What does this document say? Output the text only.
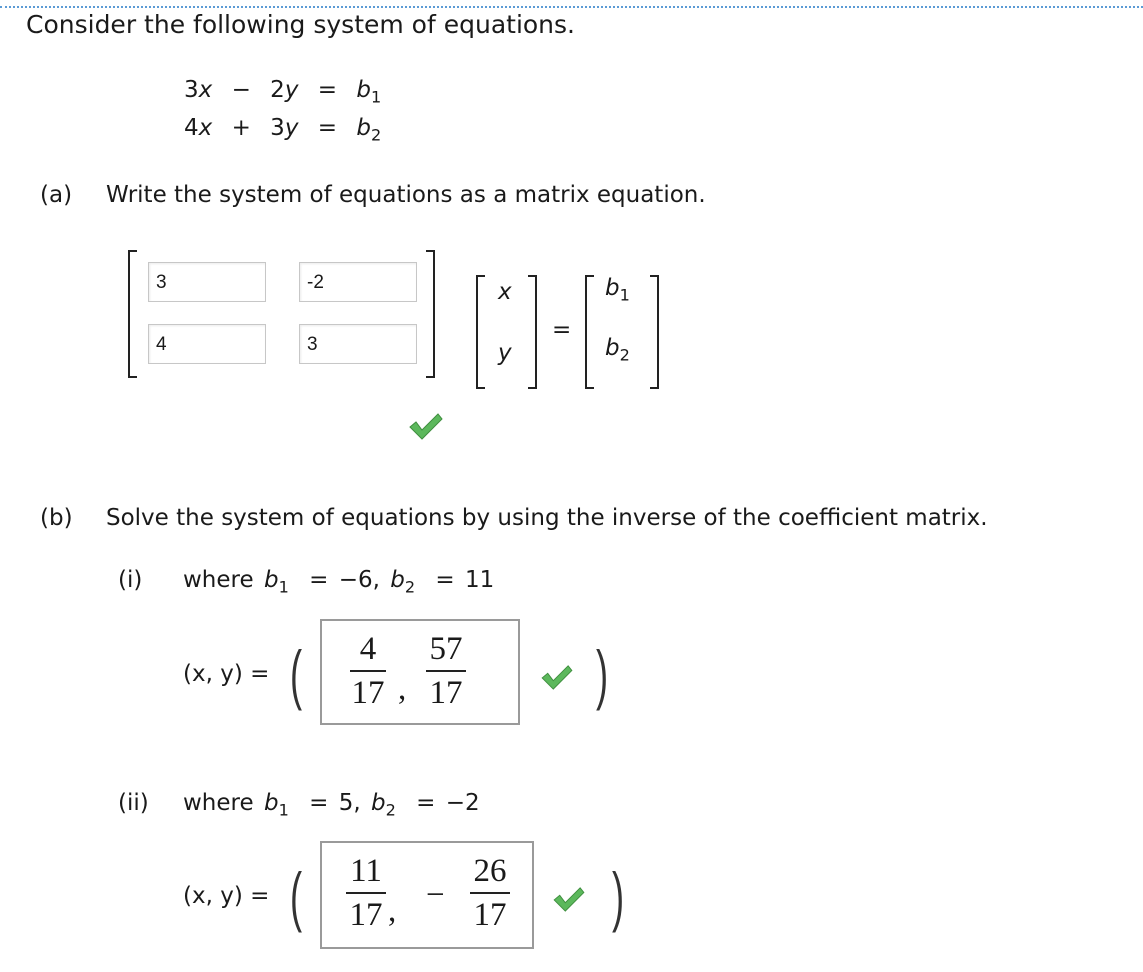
Consider the following system of equations.
$3x - 2y = b_1$
$4x + 3y = b_2$
(a) Write the system of equations as a matrix equation.
3	-2
4	3
x
y
=
$b_1$
$b_2$
(b) Solve the system of equations by using the inverse of the coefficient matrix.
(i) where $b_1 = -6$, $b_2 = 11$
(x, y) = ( 4
17 ,
57
17 )
(ii) where $b_1 = 5$, $b_2 = -2$
(x, y) = ( 11
17 , −
26
17 )
